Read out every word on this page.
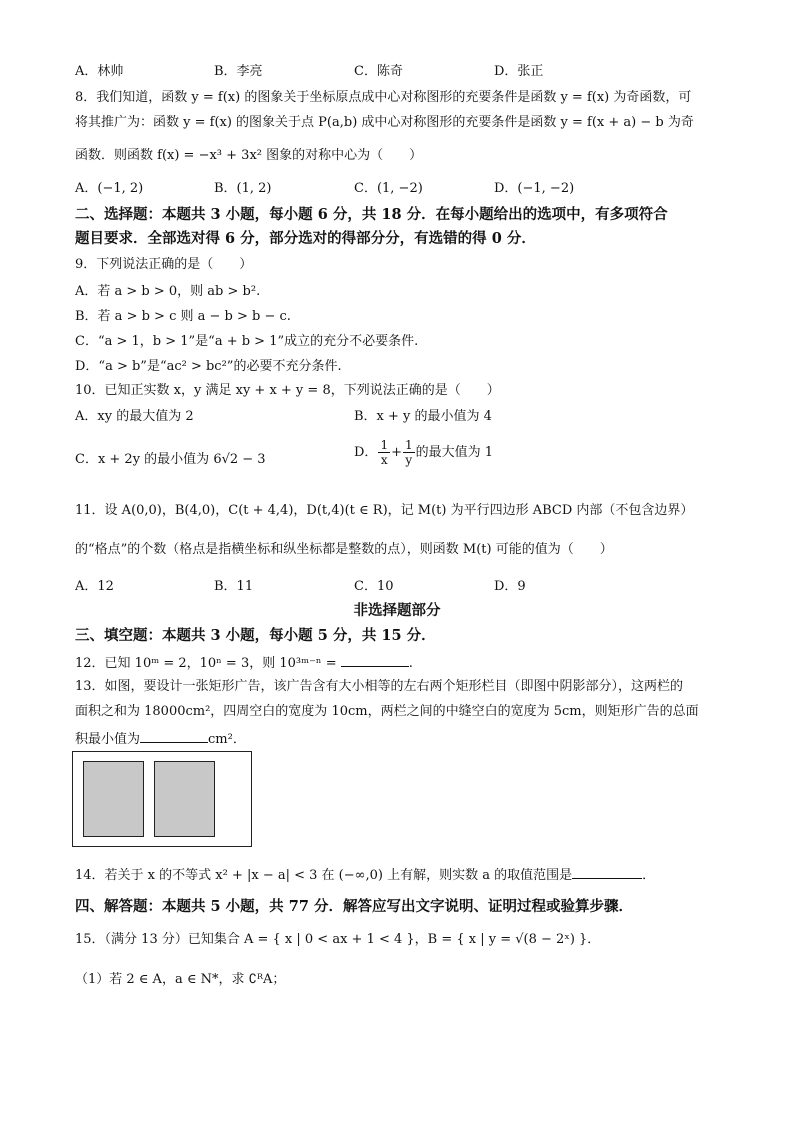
A．林帅	B．李亮	C．陈奇	D．张正
8．我们知道，函数 y = f(x) 的图象关于坐标原点成中心对称图形的充要条件是函数 y = f(x) 为奇函数，可
将其推广为：函数 y = f(x) 的图象关于点 P(a,b) 成中心对称图形的充要条件是函数 y = f(x + a) − b 为奇
函数．则函数 f(x) = −x³ + 3x² 图象的对称中心为（　　）
A．(−1, 2)	B．(1, 2)	C．(1, −2)	D．(−1, −2)
二、选择题：本题共 3 小题，每小题 6 分，共 18 分．在每小题给出的选项中，有多项符合
题目要求．全部选对得 6 分，部分选对的得部分分，有选错的得 0 分．
9．下列说法正确的是（　　）
A．若 a > b > 0，则 ab > b².
B．若 a > b > c 则 a − b > b − c.
C．“a > 1，b > 1”是“a + b > 1”成立的充分不必要条件.
D．“a > b”是“ac² > bc²”的必要不充分条件.
10．已知正实数 x，y 满足 xy + x + y = 8，下列说法正确的是（　　）
A．xy 的最大值为 2	B．x + y 的最小值为 4
C．x + 2y 的最小值为 6√2 − 3	D． $\frac{1}{x} + \frac{1}{y}$ 的最大值为 1
11．设 A(0,0)，B(4,0)，C(t + 4,4)，D(t,4)(t ∈ R)，记 M(t) 为平行四边形 ABCD 内部（不包含边界）
的“格点”的个数（格点是指横坐标和纵坐标都是整数的点），则函数 M(t) 可能的值为（　　）
A．12	B．11	C．10	D．9
非选择题部分
三、填空题：本题共 3 小题，每小题 5 分，共 15 分．
12．已知 10ᵐ = 2，10ⁿ = 3，则 10³ᵐ⁻ⁿ =	.
13．如图，要设计一张矩形广告，该广告含有大小相等的左右两个矩形栏目（即图中阴影部分），这两栏的
面积之和为 18000cm²，四周空白的宽度为 10cm，两栏之间的中缝空白的宽度为 5cm，则矩形广告的总面
积最小值为	cm²．
14．若关于 x 的不等式 x² + |x − a| < 3 在 (−∞,0) 上有解，则实数 a 的取值范围是	．
四、解答题：本题共 5 小题，共 77 分．解答应写出文字说明、证明过程或验算步骤．
15．（满分 13 分）已知集合 A = { x | 0 < ax + 1 < 4 }，B = { x | y = √(8 − 2ˣ) }．
（1）若 2 ∈ A，a ∈ N*，求 ∁ᴿA；
